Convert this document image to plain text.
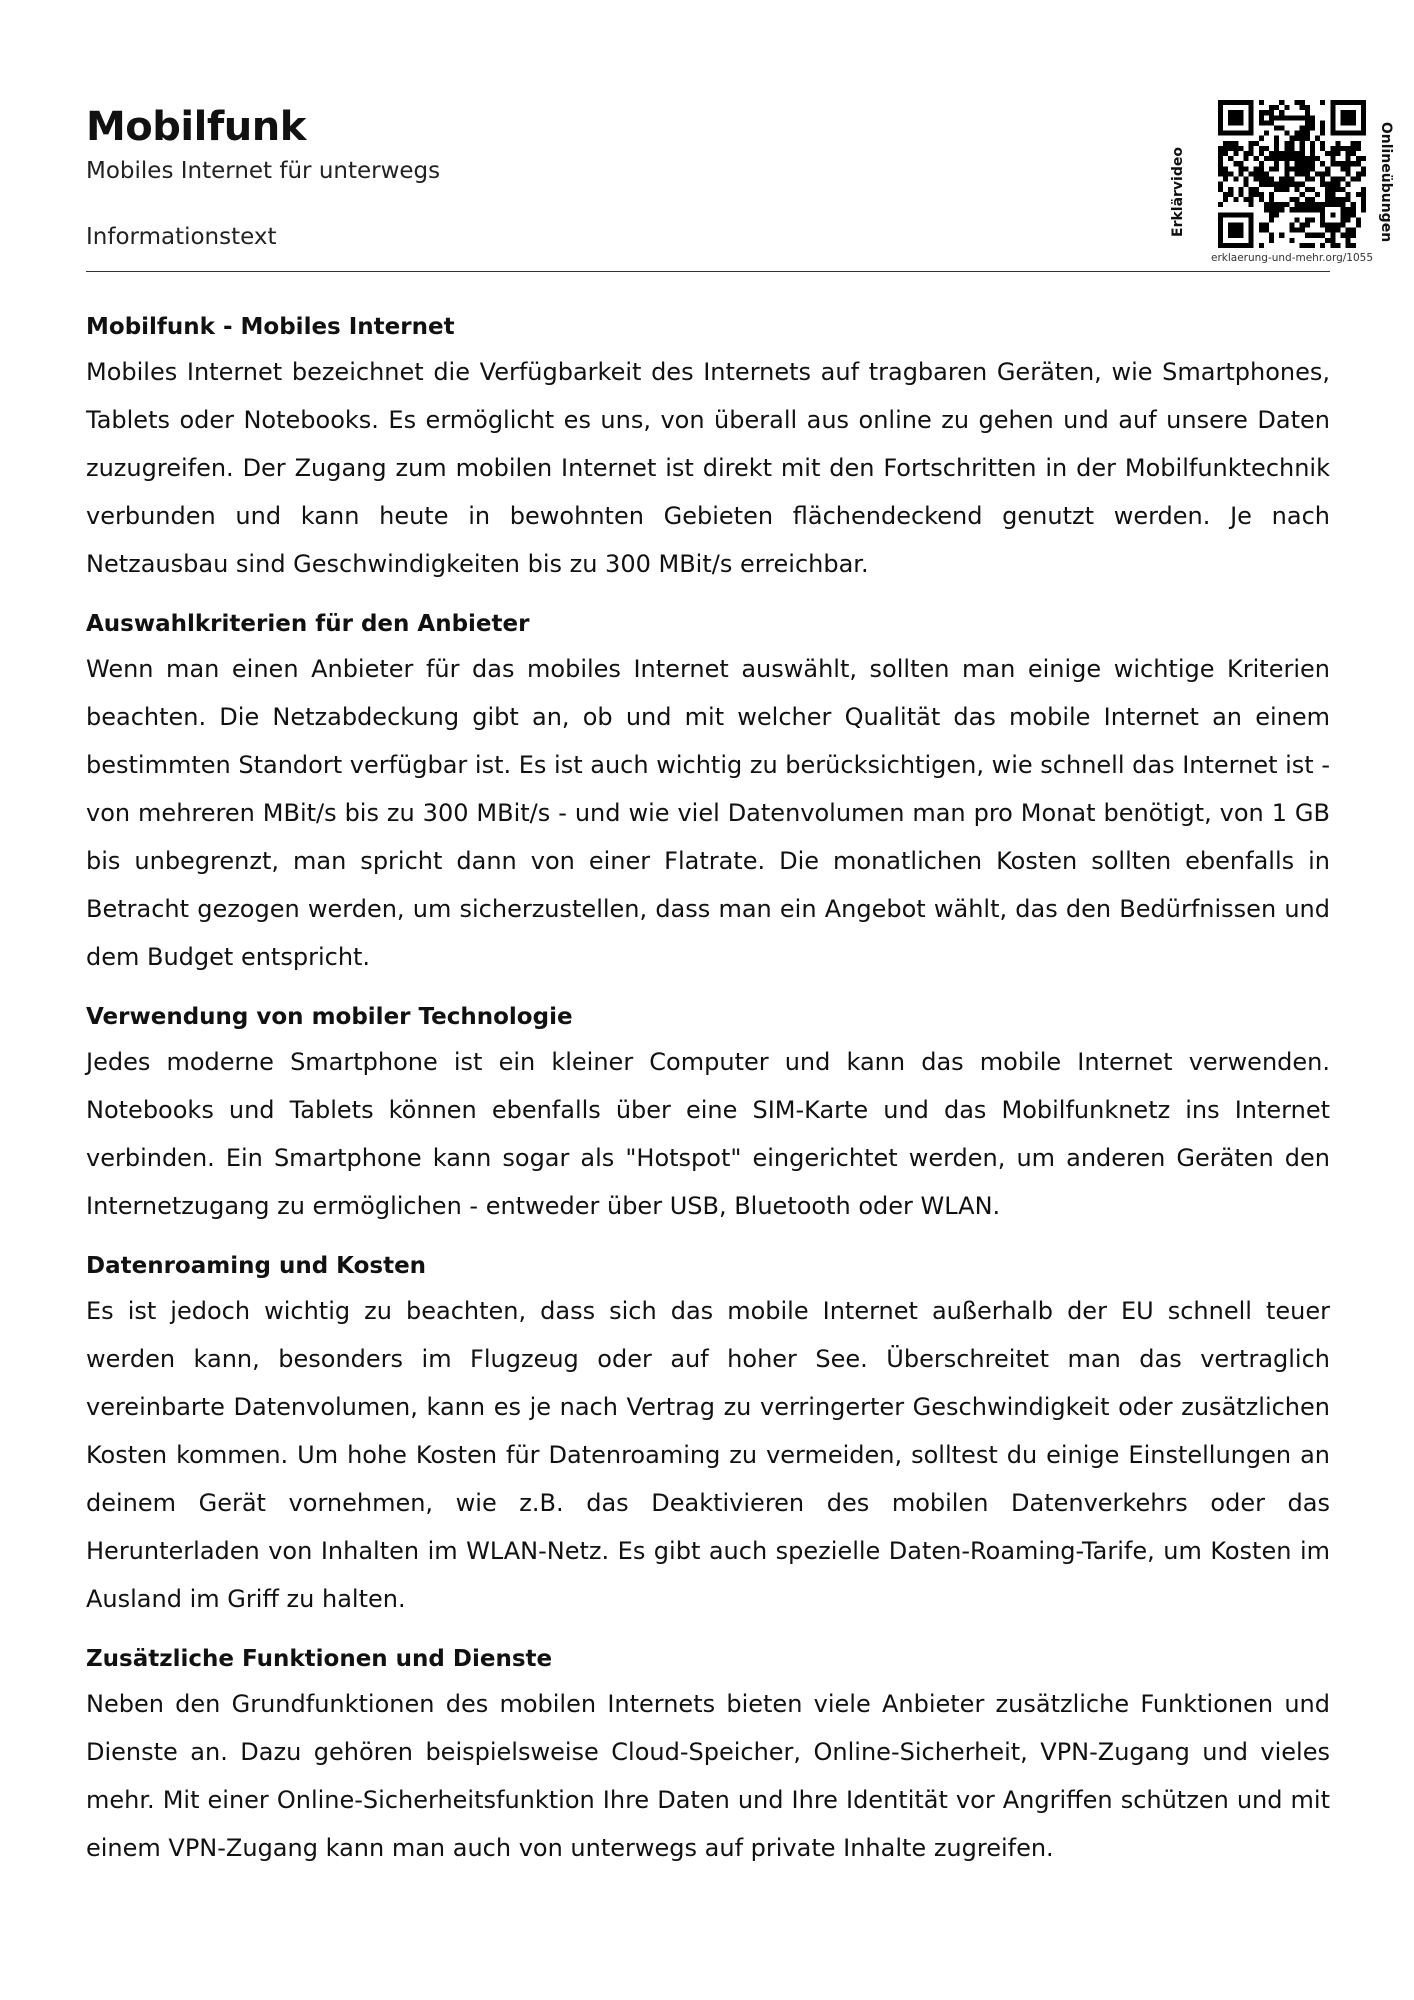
Mobilfunk
Mobiles Internet für unterwegs
Informationstext	Erklärvideo	Onlineübungen
erklaerung-und-mehr.org/1055
Mobilfunk - Mobiles Internet

Mobiles Internet bezeichnet die Verfügbarkeit des Internets auf tragbaren Geräten, wie Smartphones, Tablets oder Notebooks. Es ermöglicht es uns, von überall aus online zu gehen und auf unsere Daten zuzugreifen. Der Zugang zum mobilen Internet ist direkt mit den Fortschritten in der Mobilfunktechnik verbunden und kann heute in bewohnten Gebieten flächendeckend genutzt werden. Je nach Netzausbau sind Geschwindigkeiten bis zu 300 MBit/s erreichbar.

Auswahlkriterien für den Anbieter

Wenn man einen Anbieter für das mobiles Internet auswählt, sollten man einige wichtige Kriterien beachten. Die Netzabdeckung gibt an, ob und mit welcher Qualität das mobile Internet an einem bestimmten Standort verfügbar ist. Es ist auch wichtig zu berücksichtigen, wie schnell das Internet ist - von mehreren MBit/s bis zu 300 MBit/s - und wie viel Datenvolumen man pro Monat benötigt, von 1 GB bis unbegrenzt, man spricht dann von einer Flatrate. Die monatlichen Kosten sollten ebenfalls in Betracht gezogen werden, um sicherzustellen, dass man ein Angebot wählt, das den Bedürfnissen und dem Budget entspricht.

Verwendung von mobiler Technologie

Jedes moderne Smartphone ist ein kleiner Computer und kann das mobile Internet verwenden. Notebooks und Tablets können ebenfalls über eine SIM-Karte und das Mobilfunknetz ins Internet verbinden. Ein Smartphone kann sogar als "Hotspot" eingerichtet werden, um anderen Geräten den Internetzugang zu ermöglichen - entweder über USB, Bluetooth oder WLAN.

Datenroaming und Kosten

Es ist jedoch wichtig zu beachten, dass sich das mobile Internet außerhalb der EU schnell teuer werden kann, besonders im Flugzeug oder auf hoher See. Überschreitet man das vertraglich vereinbarte Datenvolumen, kann es je nach Vertrag zu verringerter Geschwindigkeit oder zusätzlichen Kosten kommen. Um hohe Kosten für Datenroaming zu vermeiden, solltest du einige Einstellungen an deinem Gerät vornehmen, wie z.B. das Deaktivieren des mobilen Datenverkehrs oder das Herunterladen von Inhalten im WLAN-Netz. Es gibt auch spezielle Daten-Roaming-Tarife, um Kosten im Ausland im Griff zu halten.

Zusätzliche Funktionen und Dienste

Neben den Grundfunktionen des mobilen Internets bieten viele Anbieter zusätzliche Funktionen und Dienste an. Dazu gehören beispielsweise Cloud-Speicher, Online-Sicherheit, VPN-Zugang und vieles mehr. Mit einer Online-Sicherheitsfunktion Ihre Daten und Ihre Identität vor Angriffen schützen und mit einem VPN-Zugang kann man auch von unterwegs auf private Inhalte zugreifen.
